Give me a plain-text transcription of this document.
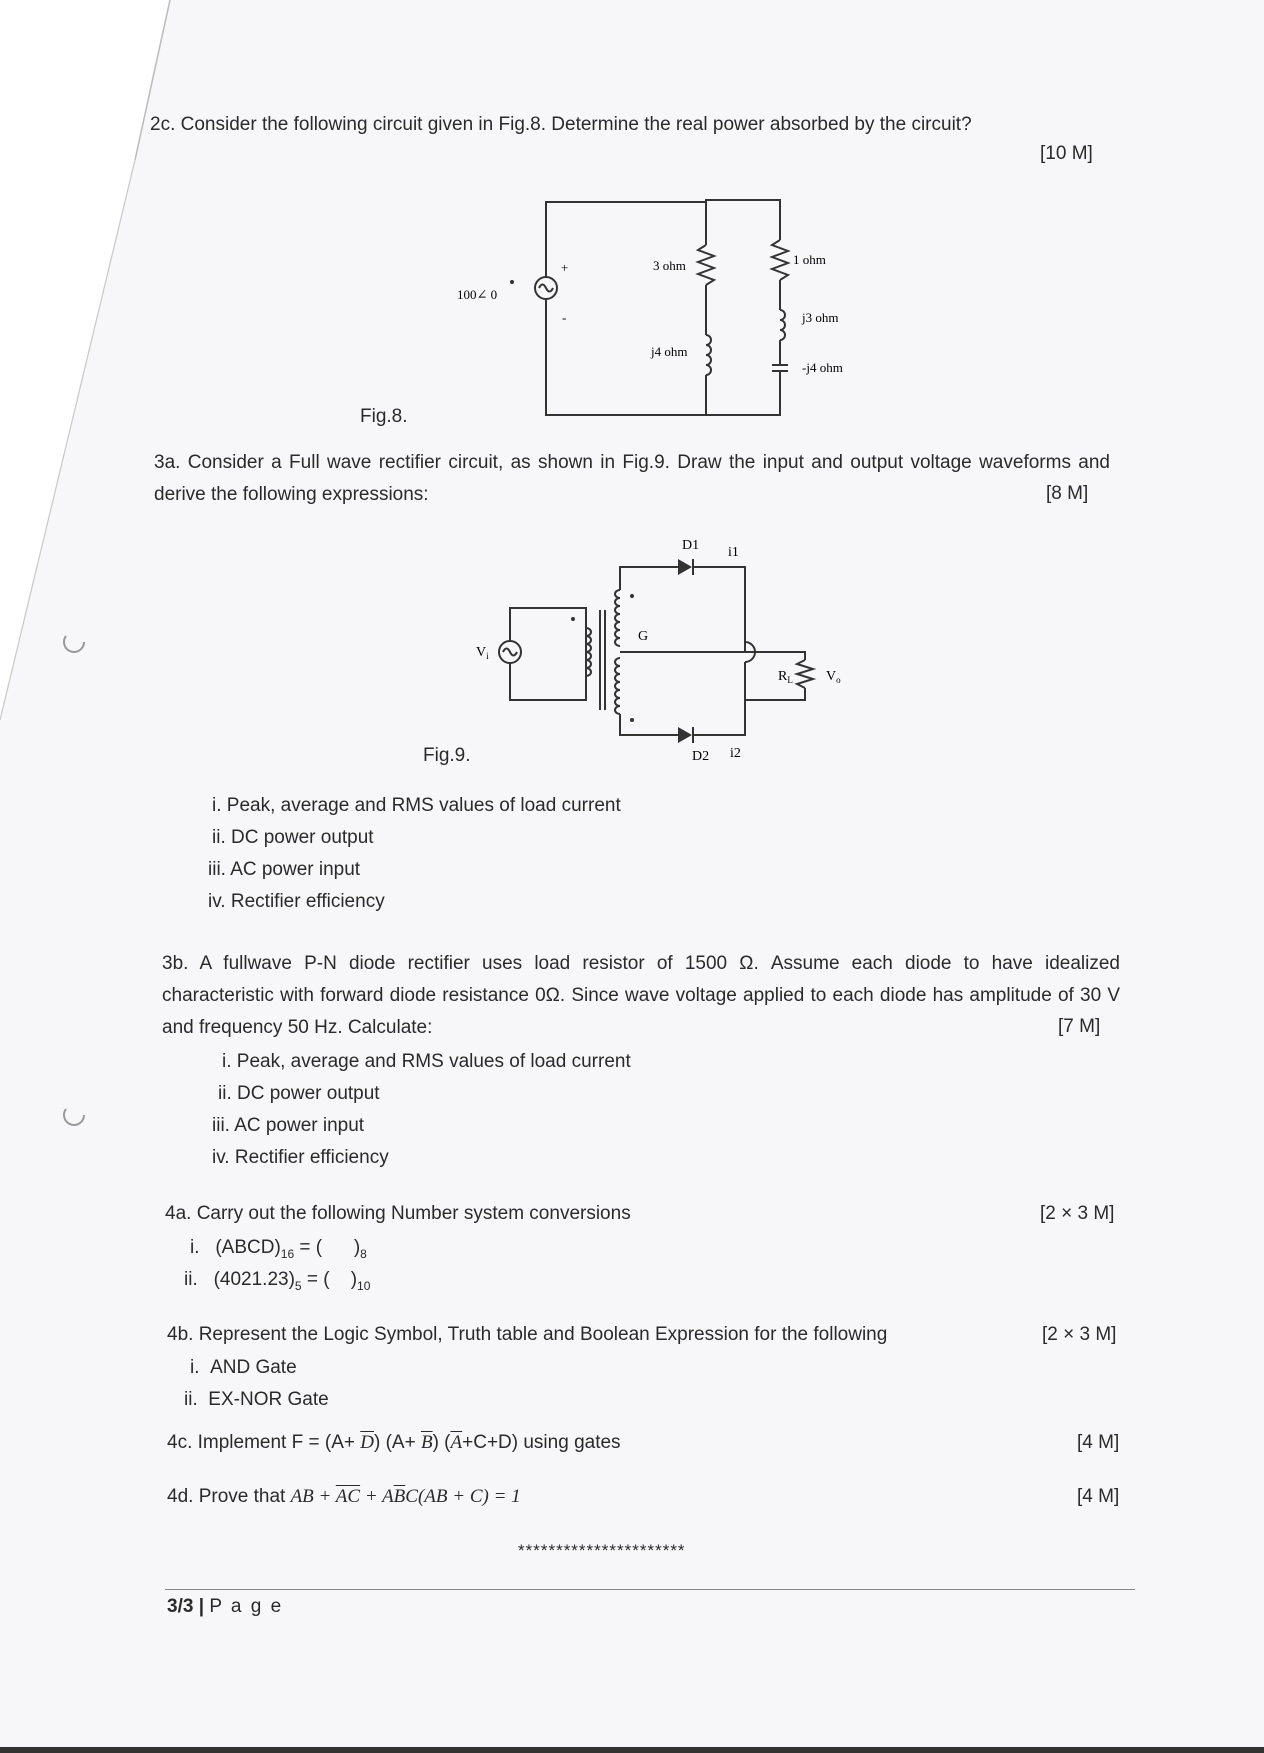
2c. Consider the following circuit given in Fig.8. Determine the real power absorbed by the circuit?
[10 M]
100∠ 0
+
-
3 ohm
j4 ohm
1 ohm
j3 ohm
-j4 ohm
Fig.8.
3a. Consider a Full wave rectifier circuit, as shown in Fig.9. Draw the input and output voltage waveforms and derive the following expressions:	[8 M]
D1 i1
D2 i2
G
$V_i$
$R_L$ $V_o$
Fig.9.
i. Peak, average and RMS values of load current
ii. DC power output
iii. AC power input
iv. Rectifier efficiency
3b. A fullwave P-N diode rectifier uses load resistor of 1500 Ω. Assume each diode to have idealized characteristic with forward diode resistance 0Ω. Since wave voltage applied to each diode has amplitude of 30 V and frequency 50 Hz. Calculate:	[7 M]
i. Peak, average and RMS values of load current
ii. DC power output
iii. AC power input
iv. Rectifier efficiency
4a. Carry out the following Number system conversions	[2 × 3 M]
i. $(ABCD)_{16}$ = ( )$_8$
ii. $(4021.23)_5$ = ( )$_{10}$
4b. Represent the Logic Symbol, Truth table and Boolean Expression for the following	[2 × 3 M]
i. AND Gate
ii. EX-NOR Gate
4c. Implement $F = (A+ \overline{D})$ $(A+ \overline{B})$ $(\overline{A}+C+D)$ using gates	[4 M]
4d. Prove that AB + $\overline{A}\overline{C} + A\overline{B}C(AB + C) = 1$	[4 M]
**********************
3/3 | P a g e
